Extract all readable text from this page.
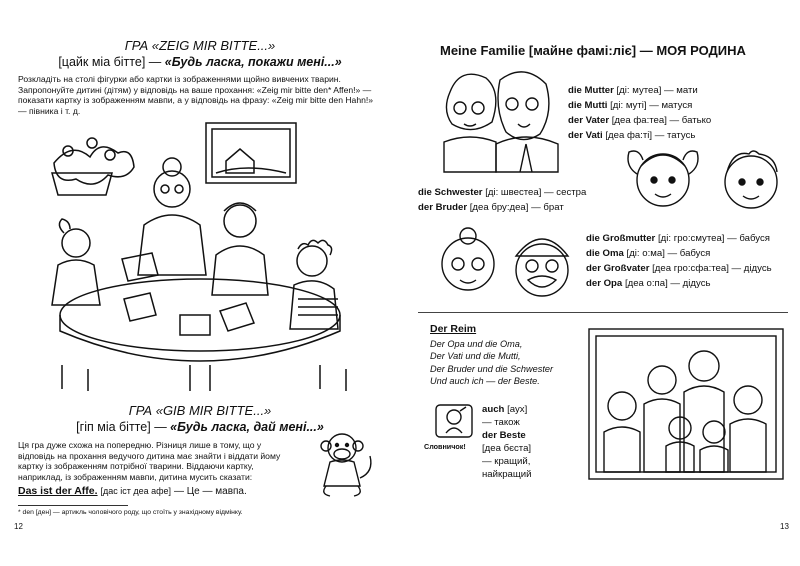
ГРА «ZEIG MIR BITTE...»
[цайк міа бітте] — «Будь ласка, покажи мені...»
Розкладіть на столі фігурки або картки із зображеннями щойно вивчених тварин. Запропонуйте дитині (дітям) у відповідь на ваше прохання: «Zeig mir bitte den* Affen!» — показати картку із зображенням мавпи, а у відповідь на фразу: «Zeig mir bitte den Hahn!» — півника і т. д.
ГРА «GIB MIR BITTE...»
[гіп міа бітте] — «Будь ласка, дай мені...»
Ця гра дуже схожа на попередню. Різниця лише в тому, що у відповідь на прохання ведучого дитина має знайти і віддати йому картку із зображенням потрібної тварини. Віддаючи картку, наприклад, із зображенням мавпи, дитина мусить сказати:
Das ist der Affe. [дас іст деа афе] — Це — мавпа.
* den [ден] — артикль чоловічого роду, що стоїть у знахідному відмінку.
12
Meine Familie [майне фамі:ліє] — МОЯ РОДИНА
die Mutter [ді: мутеа] — мати
die Mutti [ді: муті] — матуся
der Vater [деа фа:теа] — батько
der Vati [деа фа:ті] — татусь
die Schwester [ді: швестеа] — сестра
der Bruder [деа бру:деа] — брат
die Großmutter [ді: гро:смутеа] — бабуся
die Oma [ді: о:ма] — бабуся
der Großvater [деа гро:сфа:теа] — дідусь
der Opa [деа о:па] — дідусь
Der Reim
Der Opa und die Oma,
Der Vati und die Mutti,
Der Bruder und die Schwester
Und auch ich — der Beste.
Словничок!
auch [аух]
— також
der Beste
[деа бєста]
— кращий, найкращий
13
